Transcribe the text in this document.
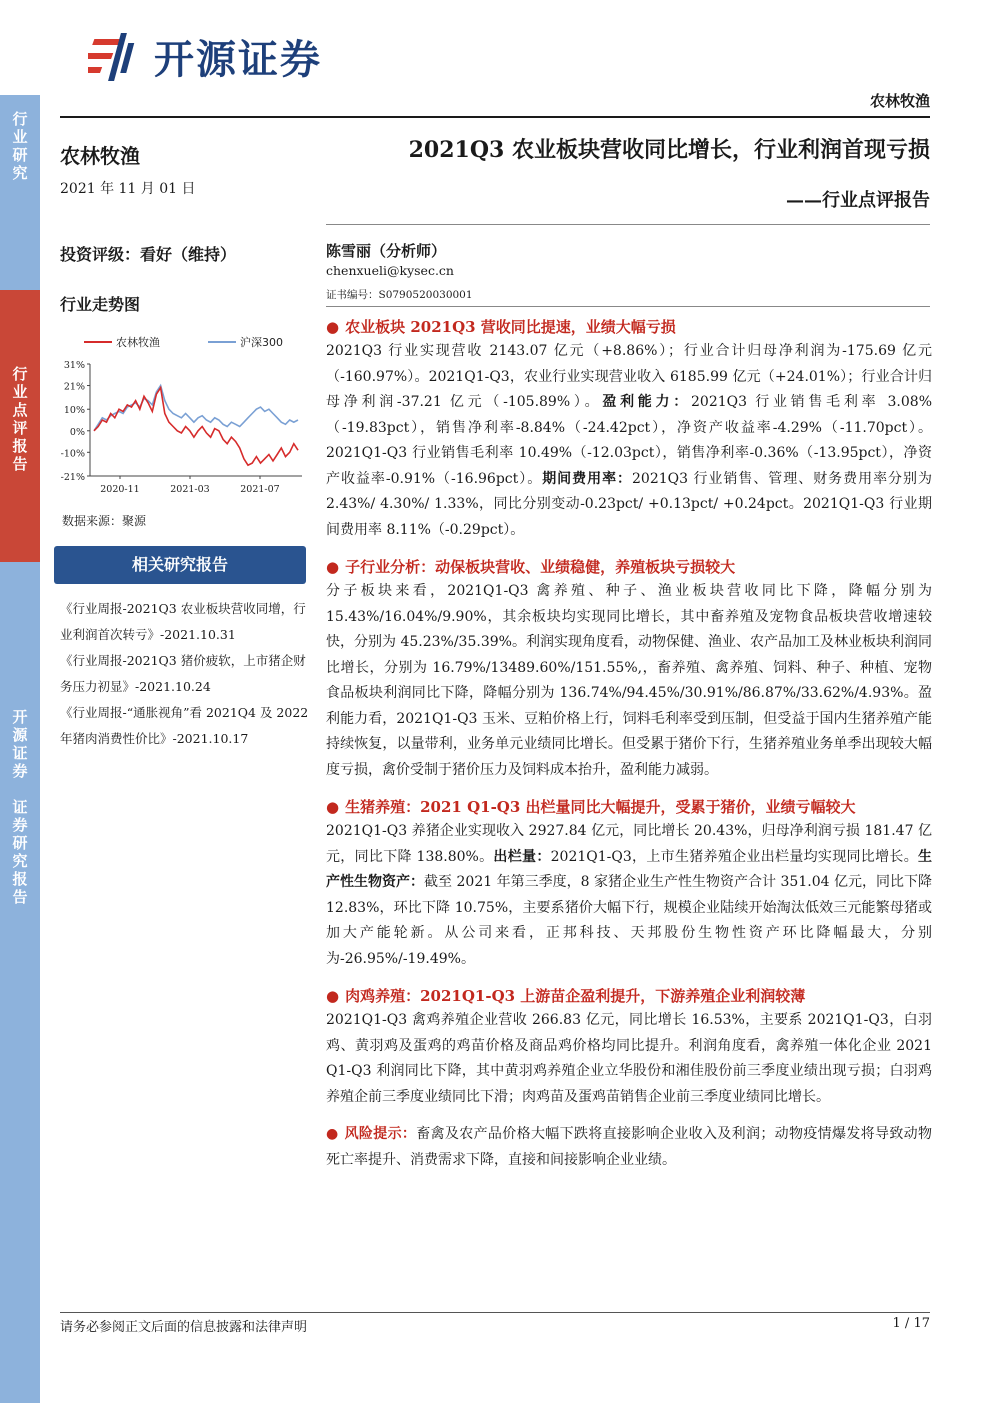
行
业
研
究
行
业
点
评
报
告
开
源
证
券

证
券
研
究
报
告
开源证券
农林牧渔
农林牧渔
2021 年 11 月 01 日
投资评级：看好（维持）
行业走势图
农林牧渔	沪深300
31%
21%
10%
0%
-10%
-21%
2020-11	2021-03	2021-07
数据来源：聚源
相关研究报告
《行业周报-2021Q3 农业板块营收同增，行业利润首次转亏》-2021.10.31
《行业周报-2021Q3 猪价疲软，上市猪企财务压力初显》-2021.10.24
《行业周报-“通胀视角”看 2021Q4 及 2022 年猪肉消费性价比》-2021.10.17
2021Q3 农业板块营收同比增长，行业利润首现亏损
——行业点评报告
陈雪丽（分析师）
chenxueli@kysec.cn
证书编号：S0790520030001
● 农业板块 2021Q3 营收同比提速，业绩大幅亏损
2021Q3 行业实现营收 2143.07 亿元（+8.86%）；行业合计归母净利润为-175.69 亿元（-160.97%）。2021Q1-Q3，农业行业实现营业收入 6185.99 亿元（+24.01%）；行业合计归母净利润-37.21 亿元（-105.89%）。盈利能力：2021Q3 行业销售毛利率 3.08%（-19.83pct），销售净利率-8.84%（-24.42pct），净资产收益率-4.29%（-11.70pct）。2021Q1-Q3 行业销售毛利率 10.49%（-12.03pct），销售净利率-0.36%（-13.95pct），净资产收益率-0.91%（-16.96pct）。期间费用率：2021Q3 行业销售、管理、财务费用率分别为 2.43%/ 4.30%/ 1.33%，同比分别变动-0.23pct/ +0.13pct/ +0.24pct。2021Q1-Q3 行业期间费用率 8.11%（-0.29pct）。
● 子行业分析：动保板块营收、业绩稳健，养殖板块亏损较大
分子板块来看，2021Q1-Q3 禽养殖、种子、渔业板块营收同比下降，降幅分别为 15.43%/16.04%/9.90%，其余板块均实现同比增长，其中畜养殖及宠物食品板块营收增速较快，分别为 45.23%/35.39%。利润实现角度看，动物保健、渔业、农产品加工及林业板块利润同比增长，分别为 16.79%/13489.60%/151.55%,，畜养殖、禽养殖、饲料、种子、种植、宠物食品板块利润同比下降，降幅分别为 136.74%/94.45%/30.91%/86.87%/33.62%/4.93%。盈利能力看，2021Q1-Q3 玉米、豆粕价格上行，饲料毛利率受到压制，但受益于国内生猪养殖产能持续恢复，以量带利，业务单元业绩同比增长。但受累于猪价下行，生猪养殖业务单季出现较大幅度亏损，禽价受制于猪价压力及饲料成本抬升，盈利能力减弱。
● 生猪养殖：2021 Q1-Q3 出栏量同比大幅提升，受累于猪价，业绩亏幅较大
2021Q1-Q3 养猪企业实现收入 2927.84 亿元，同比增长 20.43%，归母净利润亏损 181.47 亿元，同比下降 138.80%。出栏量：2021Q1-Q3，上市生猪养殖企业出栏量均实现同比增长。生产性生物资产：截至 2021 年第三季度，8 家猪企业生产性生物资产合计 351.04 亿元，同比下降 12.83%，环比下降 10.75%，主要系猪价大幅下行，规模企业陆续开始淘汰低效三元能繁母猪或加大产能轮新。从公司来看，正邦科技、天邦股份生物性资产环比降幅最大，分别为-26.95%/-19.49%。
● 肉鸡养殖：2021Q1-Q3 上游苗企盈利提升，下游养殖企业利润较薄
2021Q1-Q3 禽鸡养殖企业营收 266.83 亿元，同比增长 16.53%，主要系 2021Q1-Q3，白羽鸡、黄羽鸡及蛋鸡的鸡苗价格及商品鸡价格均同比提升。利润角度看，禽养殖一体化企业 2021 Q1-Q3 利润同比下降，其中黄羽鸡养殖企业立华股份和湘佳股份前三季度业绩出现亏损；白羽鸡养殖企前三季度业绩同比下滑；肉鸡苗及蛋鸡苗销售企业前三季度业绩同比增长。
● 风险提示：畜禽及农产品价格大幅下跌将直接影响企业收入及利润；动物疫情爆发将导致动物死亡率提升、消费需求下降，直接和间接影响企业业绩。
请务必参阅正文后面的信息披露和法律声明	1 / 17
